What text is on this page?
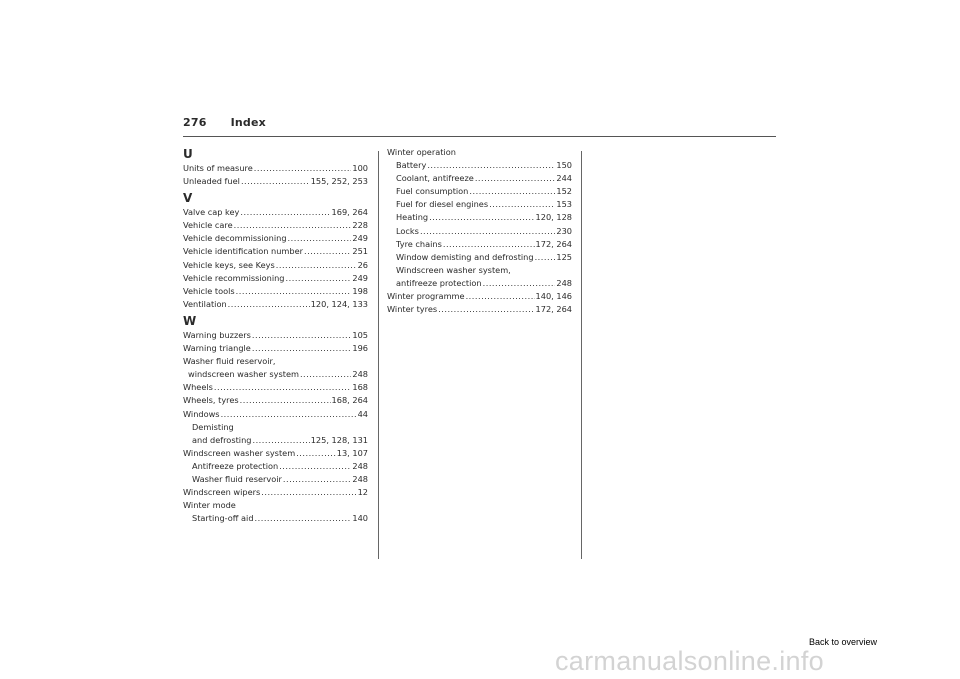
276 Index
U
Units of measure .....	100
Unleaded fuel .....	155, 252, 253
V
Valve cap key .....	169, 264
Vehicle care .....	228
Vehicle decommissioning .....	249
Vehicle identification number .....	251
Vehicle keys, see Keys .....	26
Vehicle recommissioning .....	249
Vehicle tools .....	198
Ventilation .....	120, 124, 133
W
Warning buzzers .....	105
Warning triangle .....	196
Washer fluid reservoir,
windscreen washer system .....	248
Wheels .....	168
Wheels, tyres .....	168, 264
Windows .....	44
Demisting
and defrosting .....	125, 128, 131
Windscreen washer system .....	13, 107
Antifreeze protection .....	248
Washer fluid reservoir .....	248
Windscreen wipers .....	12
Winter mode
Starting-off aid .....	140
Winter operation
Battery .....	150
Coolant, antifreeze .....	244
Fuel consumption .....	152
Fuel for diesel engines .....	153
Heating .....	120, 128
Locks .....	230
Tyre chains .....	172, 264
Window demisting and defrosting .....	125
Windscreen washer system,
antifreeze protection .....	248
Winter programme .....	140, 146
Winter tyres .....	172, 264
Back to overview
carmanualsonline.info
